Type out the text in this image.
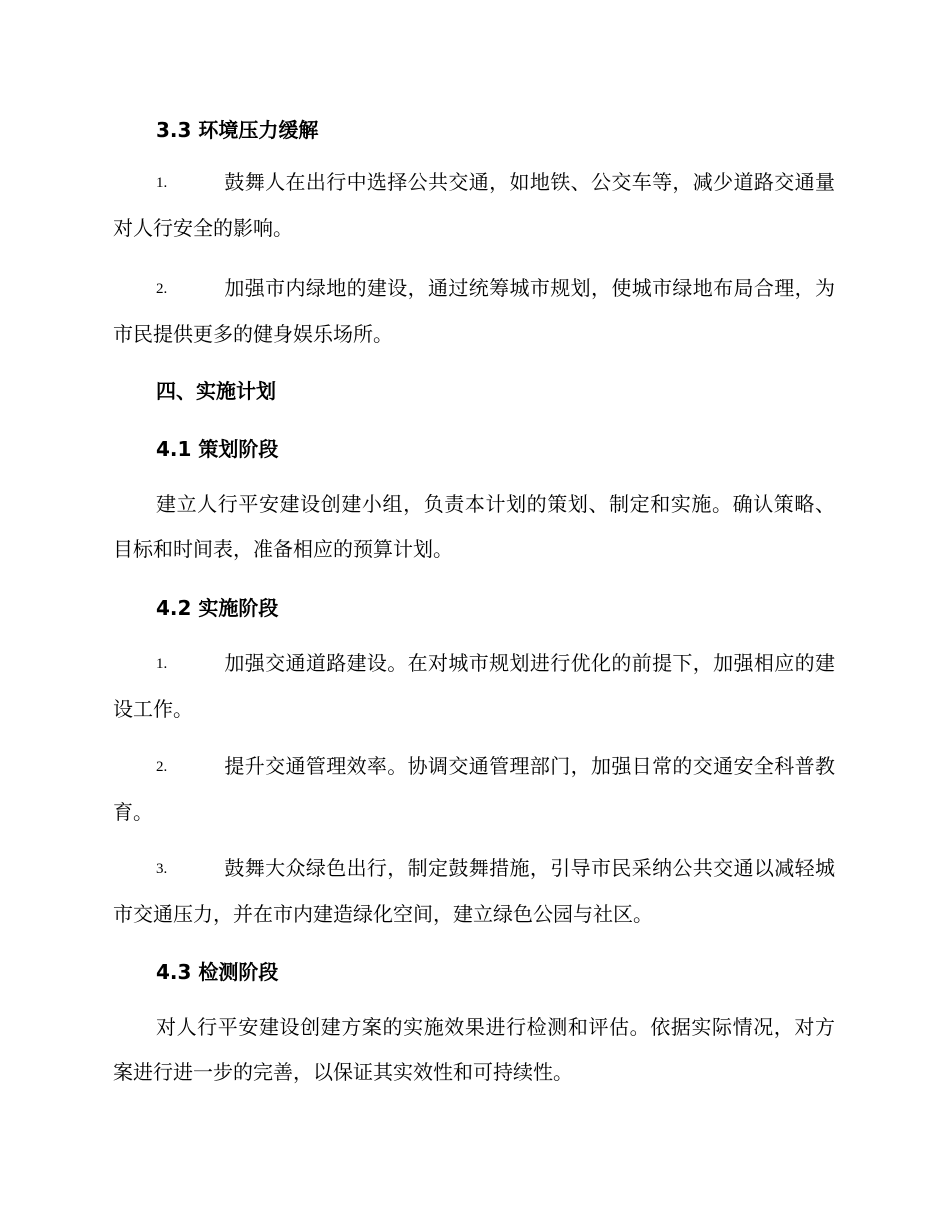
3.3 环境压力缓解

1.	鼓舞人在出行中选择公共交通，如地铁、公交车等，减少道路交通量对人行安全的影响。

2.	加强市内绿地的建设，通过统筹城市规划，使城市绿地布局合理，为市民提供更多的健身娱乐场所。

四、实施计划
4.1 策划阶段

建立人行平安建设创建小组，负责本计划的策划、制定和实施。确认策略、目标和时间表，准备相应的预算计划。

4.2 实施阶段

1.	加强交通道路建设。在对城市规划进行优化的前提下，加强相应的建设工作。

2.	提升交通管理效率。协调交通管理部门，加强日常的交通安全科普教育。

3.	鼓舞大众绿色出行，制定鼓舞措施，引导市民采纳公共交通以减轻城市交通压力，并在市内建造绿化空间，建立绿色公园与社区。

4.3 检测阶段

对人行平安建设创建方案的实施效果进行检测和评估。依据实际情况，对方案进行进一步的完善，以保证其实效性和可持续性。
